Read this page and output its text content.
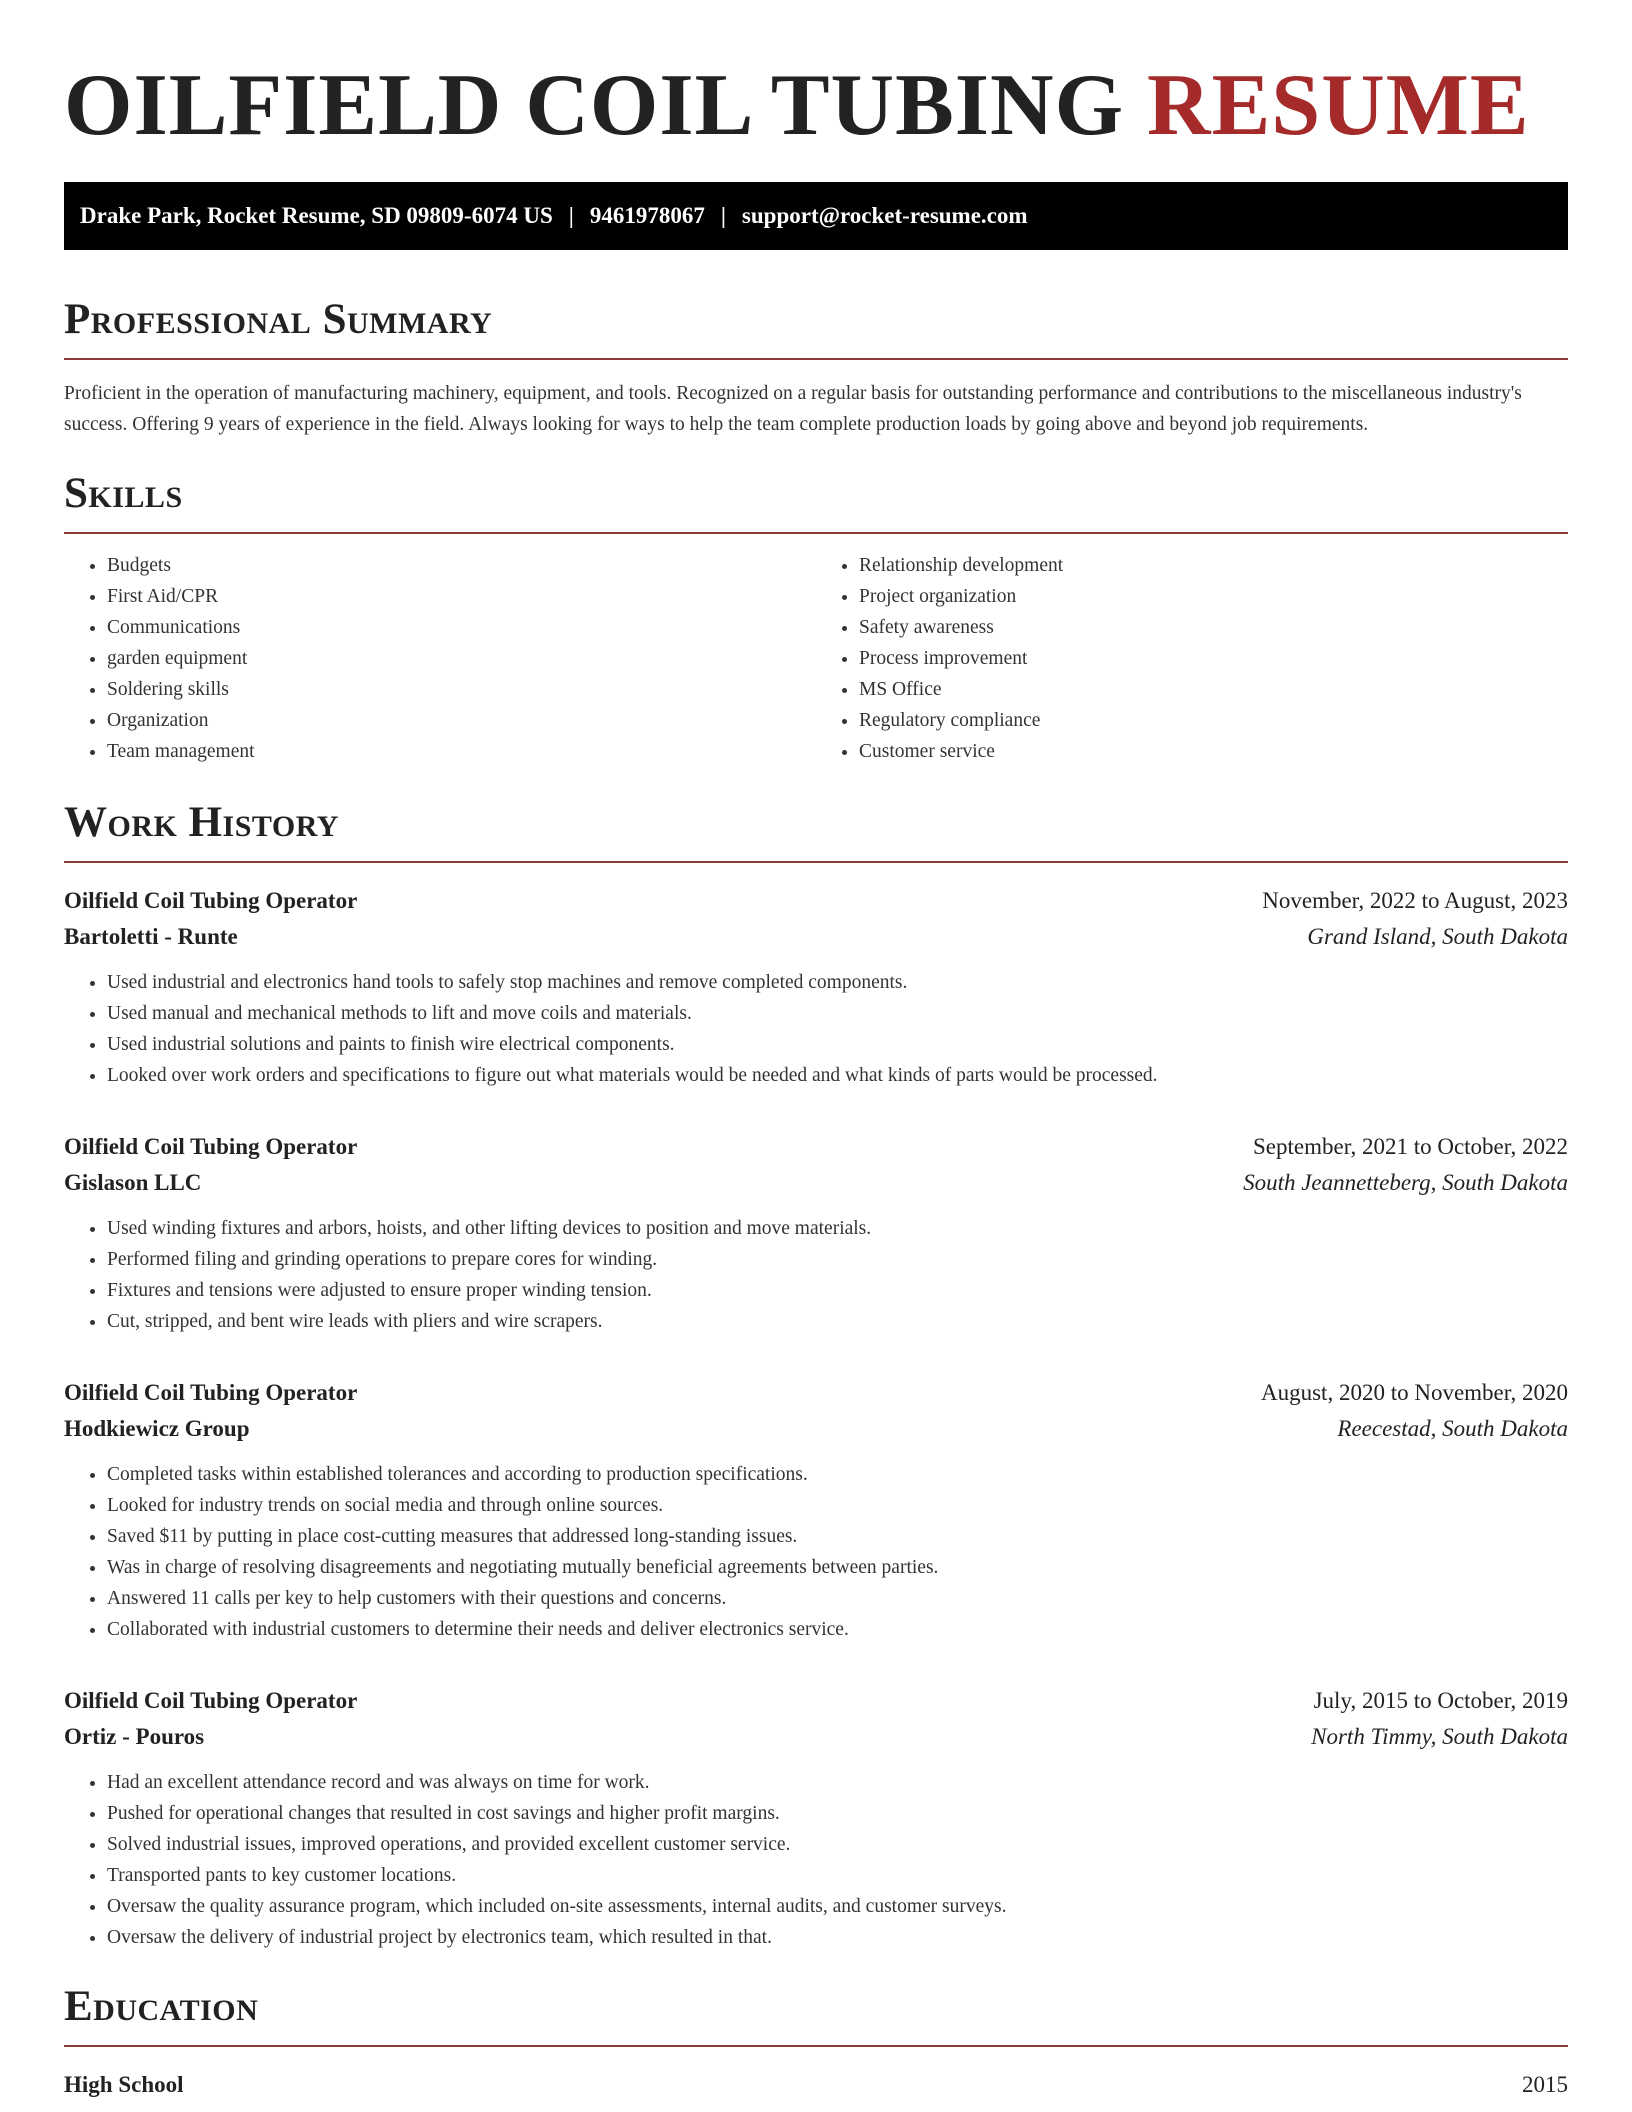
OILFIELD COIL TUBING RESUME
Drake Park, Rocket Resume, SD 09809-6074 US | 9461978067 | support@rocket-resume.com
Professional Summary

Proficient in the operation of manufacturing machinery, equipment, and tools. Recognized on a regular basis for outstanding performance and contributions to the miscellaneous industry's success. Offering 9 years of experience in the field. Always looking for ways to help the team complete production loads by going above and beyond job requirements.

Skills
• Budgets
• First Aid/CPR
• Communications
• garden equipment
• Soldering skills
• Organization
• Team management
• Relationship development
• Project organization
• Safety awareness
• Process improvement
• MS Office
• Regulatory compliance
• Customer service
Work History
Oilfield Coil Tubing Operator	November, 2022 to August, 2023
Bartoletti - Runte	Grand Island, South Dakota
• Used industrial and electronics hand tools to safely stop machines and remove completed components.
• Used manual and mechanical methods to lift and move coils and materials.
• Used industrial solutions and paints to finish wire electrical components.
• Looked over work orders and specifications to figure out what materials would be needed and what kinds of parts would be processed.
Oilfield Coil Tubing Operator	September, 2021 to October, 2022
Gislason LLC	South Jeannetteberg, South Dakota
• Used winding fixtures and arbors, hoists, and other lifting devices to position and move materials.
• Performed filing and grinding operations to prepare cores for winding.
• Fixtures and tensions were adjusted to ensure proper winding tension.
• Cut, stripped, and bent wire leads with pliers and wire scrapers.
Oilfield Coil Tubing Operator	August, 2020 to November, 2020
Hodkiewicz Group	Reecestad, South Dakota
• Completed tasks within established tolerances and according to production specifications.
• Looked for industry trends on social media and through online sources.
• Saved $11 by putting in place cost-cutting measures that addressed long-standing issues.
• Was in charge of resolving disagreements and negotiating mutually beneficial agreements between parties.
• Answered 11 calls per key to help customers with their questions and concerns.
• Collaborated with industrial customers to determine their needs and deliver electronics service.
Oilfield Coil Tubing Operator	July, 2015 to October, 2019
Ortiz - Pouros	North Timmy, South Dakota
• Had an excellent attendance record and was always on time for work.
• Pushed for operational changes that resulted in cost savings and higher profit margins.
• Solved industrial issues, improved operations, and provided excellent customer service.
• Transported pants to key customer locations.
• Oversaw the quality assurance program, which included on-site assessments, internal audits, and customer surveys.
• Oversaw the delivery of industrial project by electronics team, which resulted in that.
Education
High School	2015
